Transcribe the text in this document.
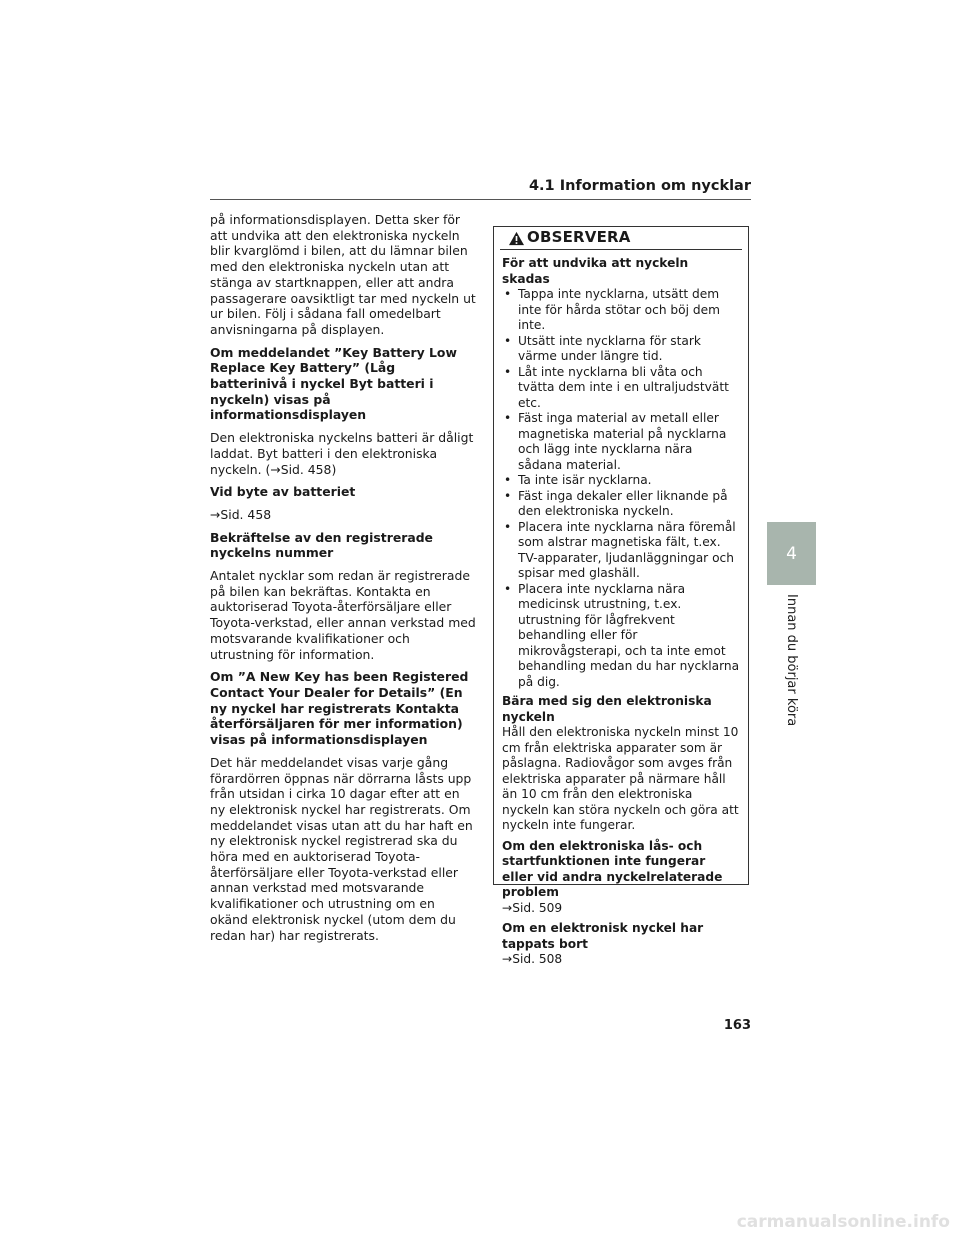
4.1 Information om nycklar

på informationsdisplayen. Detta sker för att undvika att den elektroniska nyckeln blir kvarglömd i bilen, att du lämnar bilen med den elektroniska nyckeln utan att stänga av startknappen, eller att andra passagerare oavsiktligt tar med nyckeln ut ur bilen. Följ i sådana fall omedelbart anvisningarna på displayen.

Om meddelandet ”Key Battery Low Replace Key Battery” (Låg batterinivå i nyckel Byt batteri i nyckeln) visas på informationsdisplayen

Den elektroniska nyckelns batteri är dåligt laddat. Byt batteri i den elektroniska nyckeln. (→Sid. 458)

Vid byte av batteriet

→Sid. 458

Bekräftelse av den registrerade nyckelns nummer

Antalet nycklar som redan är registrerade på bilen kan bekräftas. Kontakta en auktoriserad Toyota-återförsäljare eller Toyota-verkstad, eller annan verkstad med motsvarande kvalifikationer och utrustning för information.

Om ”A New Key has been Registered Contact Your Dealer for Details” (En ny nyckel har registrerats Kontakta återförsäljaren för mer information) visas på informationsdisplayen

Det här meddelandet visas varje gång förardörren öppnas när dörrarna låsts upp från utsidan i cirka 10 dagar efter att en ny elektronisk nyckel har registrerats. Om meddelandet visas utan att du har haft en ny elektronisk nyckel registrerad ska du höra med en auktoriserad Toyota-återförsäljare eller Toyota-verkstad eller annan verkstad med motsvarande kvalifikationer och utrustning om en okänd elektronisk nyckel (utom dem du redan har) har registrerats.

OBSERVERA
För att undvika att nyckeln skadas
• Tappa inte nycklarna, utsätt dem inte för hårda stötar och böj dem inte.
• Utsätt inte nycklarna för stark värme under längre tid.
• Låt inte nycklarna bli våta och tvätta dem inte i en ultraljudstvätt etc.
• Fäst inga material av metall eller magnetiska material på nycklarna och lägg inte nycklarna nära sådana material.
• Ta inte isär nycklarna.
• Fäst inga dekaler eller liknande på den elektroniska nyckeln.
• Placera inte nycklarna nära föremål som alstrar magnetiska fält, t.ex. TV-apparater, ljudanläggningar och spisar med glashäll.
• Placera inte nycklarna nära medicinsk utrustning, t.ex. utrustning för lågfrekvent behandling eller för mikrovågsterapi, och ta inte emot behandling medan du har nycklarna på dig.
Bära med sig den elektroniska nyckeln

Håll den elektroniska nyckeln minst 10 cm från elektriska apparater som är påslagna. Radiovågor som avges från elektriska apparater på närmare håll än 10 cm från den elektroniska nyckeln kan störa nyckeln och göra att nyckeln inte fungerar.

Om den elektroniska lås- och startfunktionen inte fungerar eller vid andra nyckelrelaterade problem

→Sid. 509

Om en elektronisk nyckel har tappats bort

→Sid. 508

4
Innan du börjar köra
163
carmanualsonline.info
